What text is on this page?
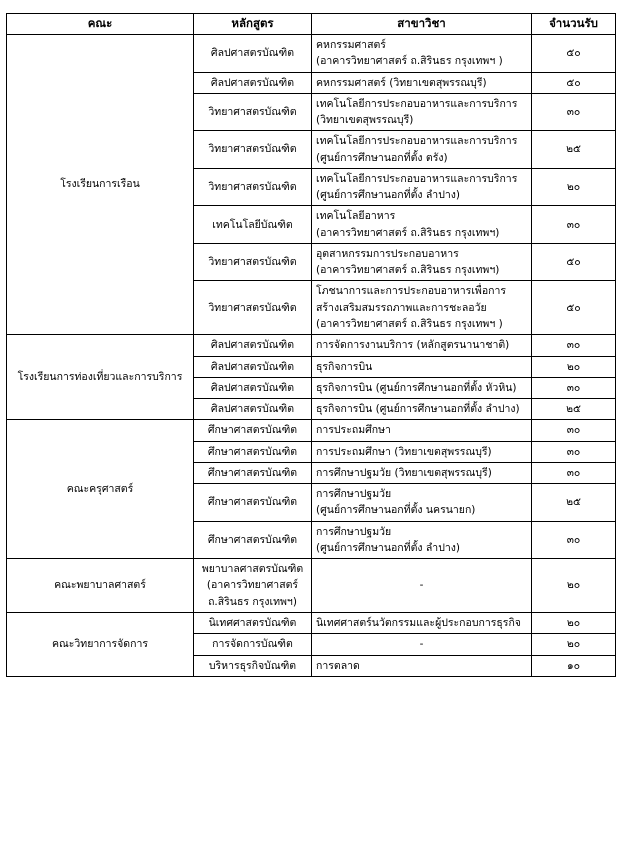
คณะ	หลักสูตร	สาขาวิชา	จำนวนรับ
โรงเรียนการเรือน	ศิลปศาสตรบัณฑิต	คหกรรมศาสตร์
(อาคารวิทยาศาสตร์ ถ.สิรินธร กรุงเทพฯ )	๕๐

	ศิลปศาสตรบัณฑิต	คหกรรมศาสตร์ (วิทยาเขตสุพรรณบุรี)	๕๐

	วิทยาศาสตรบัณฑิต	เทคโนโลยีการประกอบอาหารและการบริการ
(วิทยาเขตสุพรรณบุรี)	๓๐

	วิทยาศาสตรบัณฑิต	เทคโนโลยีการประกอบอาหารและการบริการ
(ศูนย์การศึกษานอกที่ตั้ง ตรัง)	๒๕

	วิทยาศาสตรบัณฑิต	เทคโนโลยีการประกอบอาหารและการบริการ
(ศูนย์การศึกษานอกที่ตั้ง ลำปาง)	๒๐

	เทคโนโลยีบัณฑิต	เทคโนโลยีอาหาร
(อาคารวิทยาศาสตร์ ถ.สิรินธร กรุงเทพฯ)	๓๐

	วิทยาศาสตรบัณฑิต	อุตสาหกรรมการประกอบอาหาร
(อาคารวิทยาศาสตร์ ถ.สิรินธร กรุงเทพฯ)	๕๐

	วิทยาศาสตรบัณฑิต	โภชนาการและการประกอบอาหารเพื่อการ
สร้างเสริมสมรรถภาพและการชะลอวัย
(อาคารวิทยาศาสตร์ ถ.สิรินธร กรุงเทพฯ )	๕๐
โรงเรียนการท่องเที่ยวและการบริการ	ศิลปศาสตรบัณฑิต	การจัดการงานบริการ (หลักสูตรนานาชาติ)	๓๐

	ศิลปศาสตรบัณฑิต	ธุรกิจการบิน	๒๐

	ศิลปศาสตรบัณฑิต	ธุรกิจการบิน (ศูนย์การศึกษานอกที่ตั้ง หัวหิน)	๓๐

	ศิลปศาสตรบัณฑิต	ธุรกิจการบิน (ศูนย์การศึกษานอกที่ตั้ง ลำปาง)	๒๕
คณะครุศาสตร์	ศึกษาศาสตรบัณฑิต	การประถมศึกษา	๓๐

	ศึกษาศาสตรบัณฑิต	การประถมศึกษา (วิทยาเขตสุพรรณบุรี)	๓๐

	ศึกษาศาสตรบัณฑิต	การศึกษาปฐมวัย (วิทยาเขตสุพรรณบุรี)	๓๐

	ศึกษาศาสตรบัณฑิต	การศึกษาปฐมวัย
(ศูนย์การศึกษานอกที่ตั้ง นครนายก)	๒๕

	ศึกษาศาสตรบัณฑิต	การศึกษาปฐมวัย
(ศูนย์การศึกษานอกที่ตั้ง ลำปาง)	๓๐
คณะพยาบาลศาสตร์	พยาบาลศาสตรบัณฑิต
(อาคารวิทยาศาสตร์
ถ.สิรินธร กรุงเทพฯ)	-	๒๐
คณะวิทยาการจัดการ	นิเทศศาสตรบัณฑิต	นิเทศศาสตร์นวัตกรรมและผู้ประกอบการธุรกิจ	๒๐

	การจัดการบัณฑิต	-	๒๐

	บริหารธุรกิจบัณฑิต	การตลาด	๑๐
